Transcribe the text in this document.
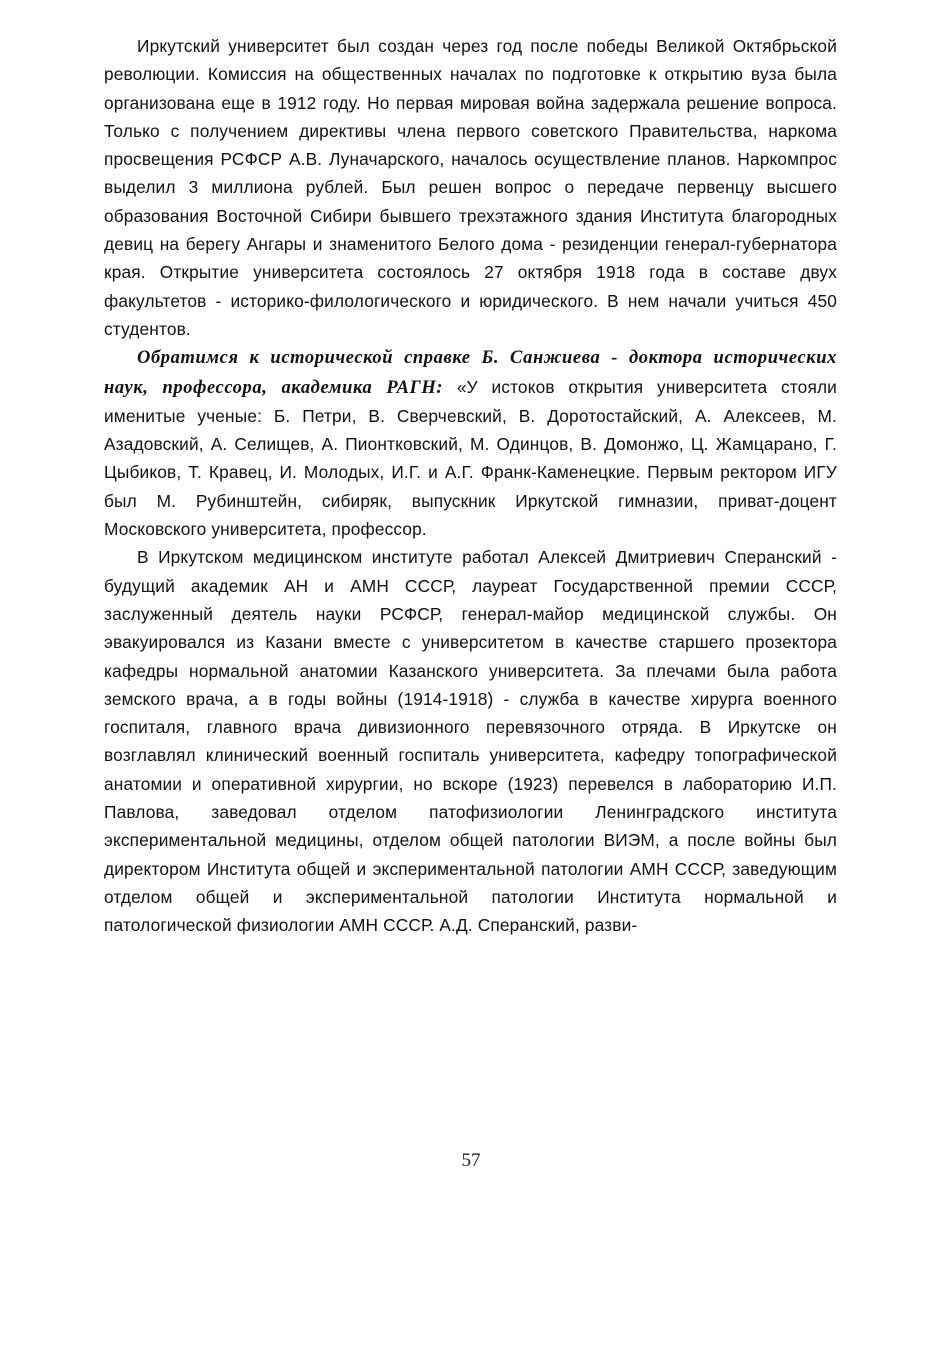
Иркутский университет был создан через год после победы Великой Октябрьской революции. Комиссия на общественных началах по подготовке к открытию вуза была организована еще в 1912 году. Но первая мировая война задержала решение вопроса. Только с получением директивы члена первого советского Правительства, наркома просвещения РСФСР А.В. Луначарского, началось осуществление планов. Наркомпрос выделил 3 миллиона рублей. Был решен вопрос о передаче первенцу высшего образования Восточной Сибири бывшего трехэтажного здания Института благородных девиц на берегу Ангары и знаменитого Белого дома - резиденции генерал-губернатора края. Открытие университета состоялось 27 октября 1918 года в составе двух факультетов - историко-филологического и юридического. В нем начали учиться 450 студентов.

Обратимся к исторической справке Б. Санжиева - доктора исторических наук, профессора, академика РАГН: «У истоков открытия университета стояли именитые ученые: Б. Петри, В. Сверчевский, В. Доротостайский, А. Алексеев, М. Азадовский, А. Селищев, А. Пионтковский, М. Одинцов, В. Домонжо, Ц. Жамцарано, Г. Цыбиков, Т. Кравец, И. Молодых, И.Г. и А.Г. Франк-Каменецкие. Первым ректором ИГУ был М. Рубинштейн, сибиряк, выпускник Иркутской гимназии, приват-доцент Московского университета, профессор.

В Иркутском медицинском институте работал Алексей Дмитриевич Сперанский - будущий академик АН и АМН СССР, лауреат Государственной премии СССР, заслуженный деятель науки РСФСР, генерал-майор медицинской службы. Он эвакуировался из Казани вместе с университетом в качестве старшего прозектора кафедры нормальной анатомии Казанского университета. За плечами была работа земского врача, а в годы войны (1914-1918) - служба в качестве хирурга военного госпиталя, главного врача дивизионного перевязочного отряда. В Иркутске он возглавлял клинический военный госпиталь университета, кафедру топографической анатомии и оперативной хирургии, но вскоре (1923) перевелся в лабораторию И.П. Павлова, заведовал отделом патофизиологии Ленинградского института экспериментальной медицины, отделом общей патологии ВИЭМ, а после войны был директором Института общей и экспериментальной патологии АМН СССР, заведующим отделом общей и экспериментальной патологии Института нормальной и патологической физиологии АМН СССР. А.Д. Сперанский, разви-

57
